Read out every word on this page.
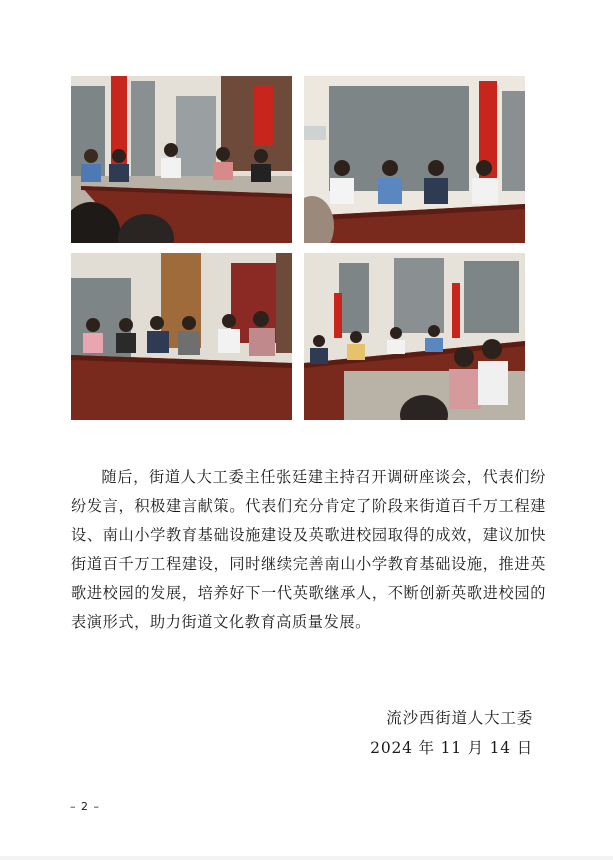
随后，街道人大工委主任张廷建主持召开调研座谈会，代表们纷纷发言，积极建言献策。代表们充分肯定了阶段来街道百千万工程建设、南山小学教育基础设施建设及英歌进校园取得的成效，建议加快街道百千万工程建设，同时继续完善南山小学教育基础设施，推进英歌进校园的发展，培养好下一代英歌继承人，不断创新英歌进校园的表演形式，助力街道文化教育高质量发展。

流沙西街道人大工委
2024 年 11 月 14 日
– 2 –
